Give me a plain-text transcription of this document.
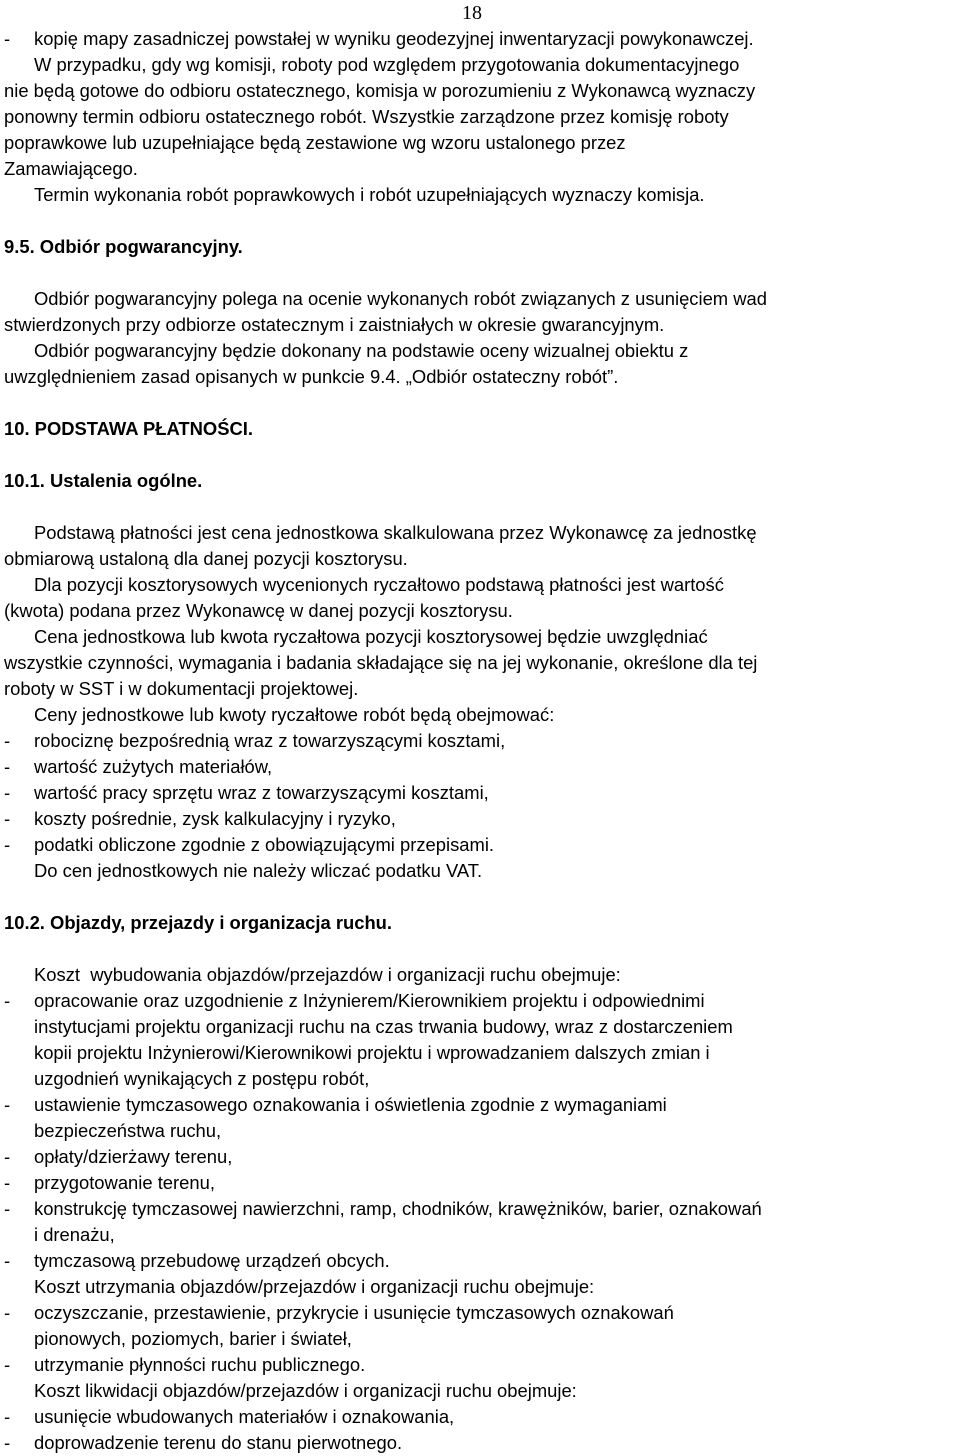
18
- kopię mapy zasadniczej powstałej w wyniku geodezyjnej inwentaryzacji powykonawczej.
W przypadku, gdy wg komisji, roboty pod względem przygotowania dokumentacyjnego
nie będą gotowe do odbioru ostatecznego, komisja w porozumieniu z Wykonawcą wyznaczy
ponowny termin odbioru ostatecznego robót. Wszystkie zarządzone przez komisję roboty
poprawkowe lub uzupełniające będą zestawione wg wzoru ustalonego przez
Zamawiającego.
Termin wykonania robót poprawkowych i robót uzupełniających wyznaczy komisja.
9.5. Odbiór pogwarancyjny.
Odbiór pogwarancyjny polega na ocenie wykonanych robót związanych z usunięciem wad
stwierdzonych przy odbiorze ostatecznym i zaistniałych w okresie gwarancyjnym.
Odbiór pogwarancyjny będzie dokonany na podstawie oceny wizualnej obiektu z
uwzględnieniem zasad opisanych w punkcie 9.4. „Odbiór ostateczny robót”.
10. PODSTAWA PŁATNOŚCI.
10.1. Ustalenia ogólne.
Podstawą płatności jest cena jednostkowa skalkulowana przez Wykonawcę za jednostkę
obmiarową ustaloną dla danej pozycji kosztorysu.
Dla pozycji kosztorysowych wycenionych ryczałtowo podstawą płatności jest wartość
(kwota) podana przez Wykonawcę w danej pozycji kosztorysu.
Cena jednostkowa lub kwota ryczałtowa pozycji kosztorysowej będzie uwzględniać
wszystkie czynności, wymagania i badania składające się na jej wykonanie, określone dla tej
roboty w SST i w dokumentacji projektowej.
Ceny jednostkowe lub kwoty ryczałtowe robót będą obejmować:
- robociznę bezpośrednią wraz z towarzyszącymi kosztami,
- wartość zużytych materiałów,
- wartość pracy sprzętu wraz z towarzyszącymi kosztami,
- koszty pośrednie, zysk kalkulacyjny i ryzyko,
- podatki obliczone zgodnie z obowiązującymi przepisami.
Do cen jednostkowych nie należy wliczać podatku VAT.
10.2. Objazdy, przejazdy i organizacja ruchu.
Koszt  wybudowania objazdów/przejazdów i organizacji ruchu obejmuje:
- opracowanie oraz uzgodnienie z Inżynierem/Kierownikiem projektu i odpowiednimi
instytucjami projektu organizacji ruchu na czas trwania budowy, wraz z dostarczeniem
kopii projektu Inżynierowi/Kierownikowi projektu i wprowadzaniem dalszych zmian i
uzgodnień wynikających z postępu robót,
- ustawienie tymczasowego oznakowania i oświetlenia zgodnie z wymaganiami
bezpieczeństwa ruchu,
- opłaty/dzierżawy terenu,
- przygotowanie terenu,
- konstrukcję tymczasowej nawierzchni, ramp, chodników, krawężników, barier, oznakowań
i drenażu,
- tymczasową przebudowę urządzeń obcych.
Koszt utrzymania objazdów/przejazdów i organizacji ruchu obejmuje:
- oczyszczanie, przestawienie, przykrycie i usunięcie tymczasowych oznakowań
pionowych, poziomych, barier i świateł,
- utrzymanie płynności ruchu publicznego.
Koszt likwidacji objazdów/przejazdów i organizacji ruchu obejmuje:
- usunięcie wbudowanych materiałów i oznakowania,
- doprowadzenie terenu do stanu pierwotnego.
